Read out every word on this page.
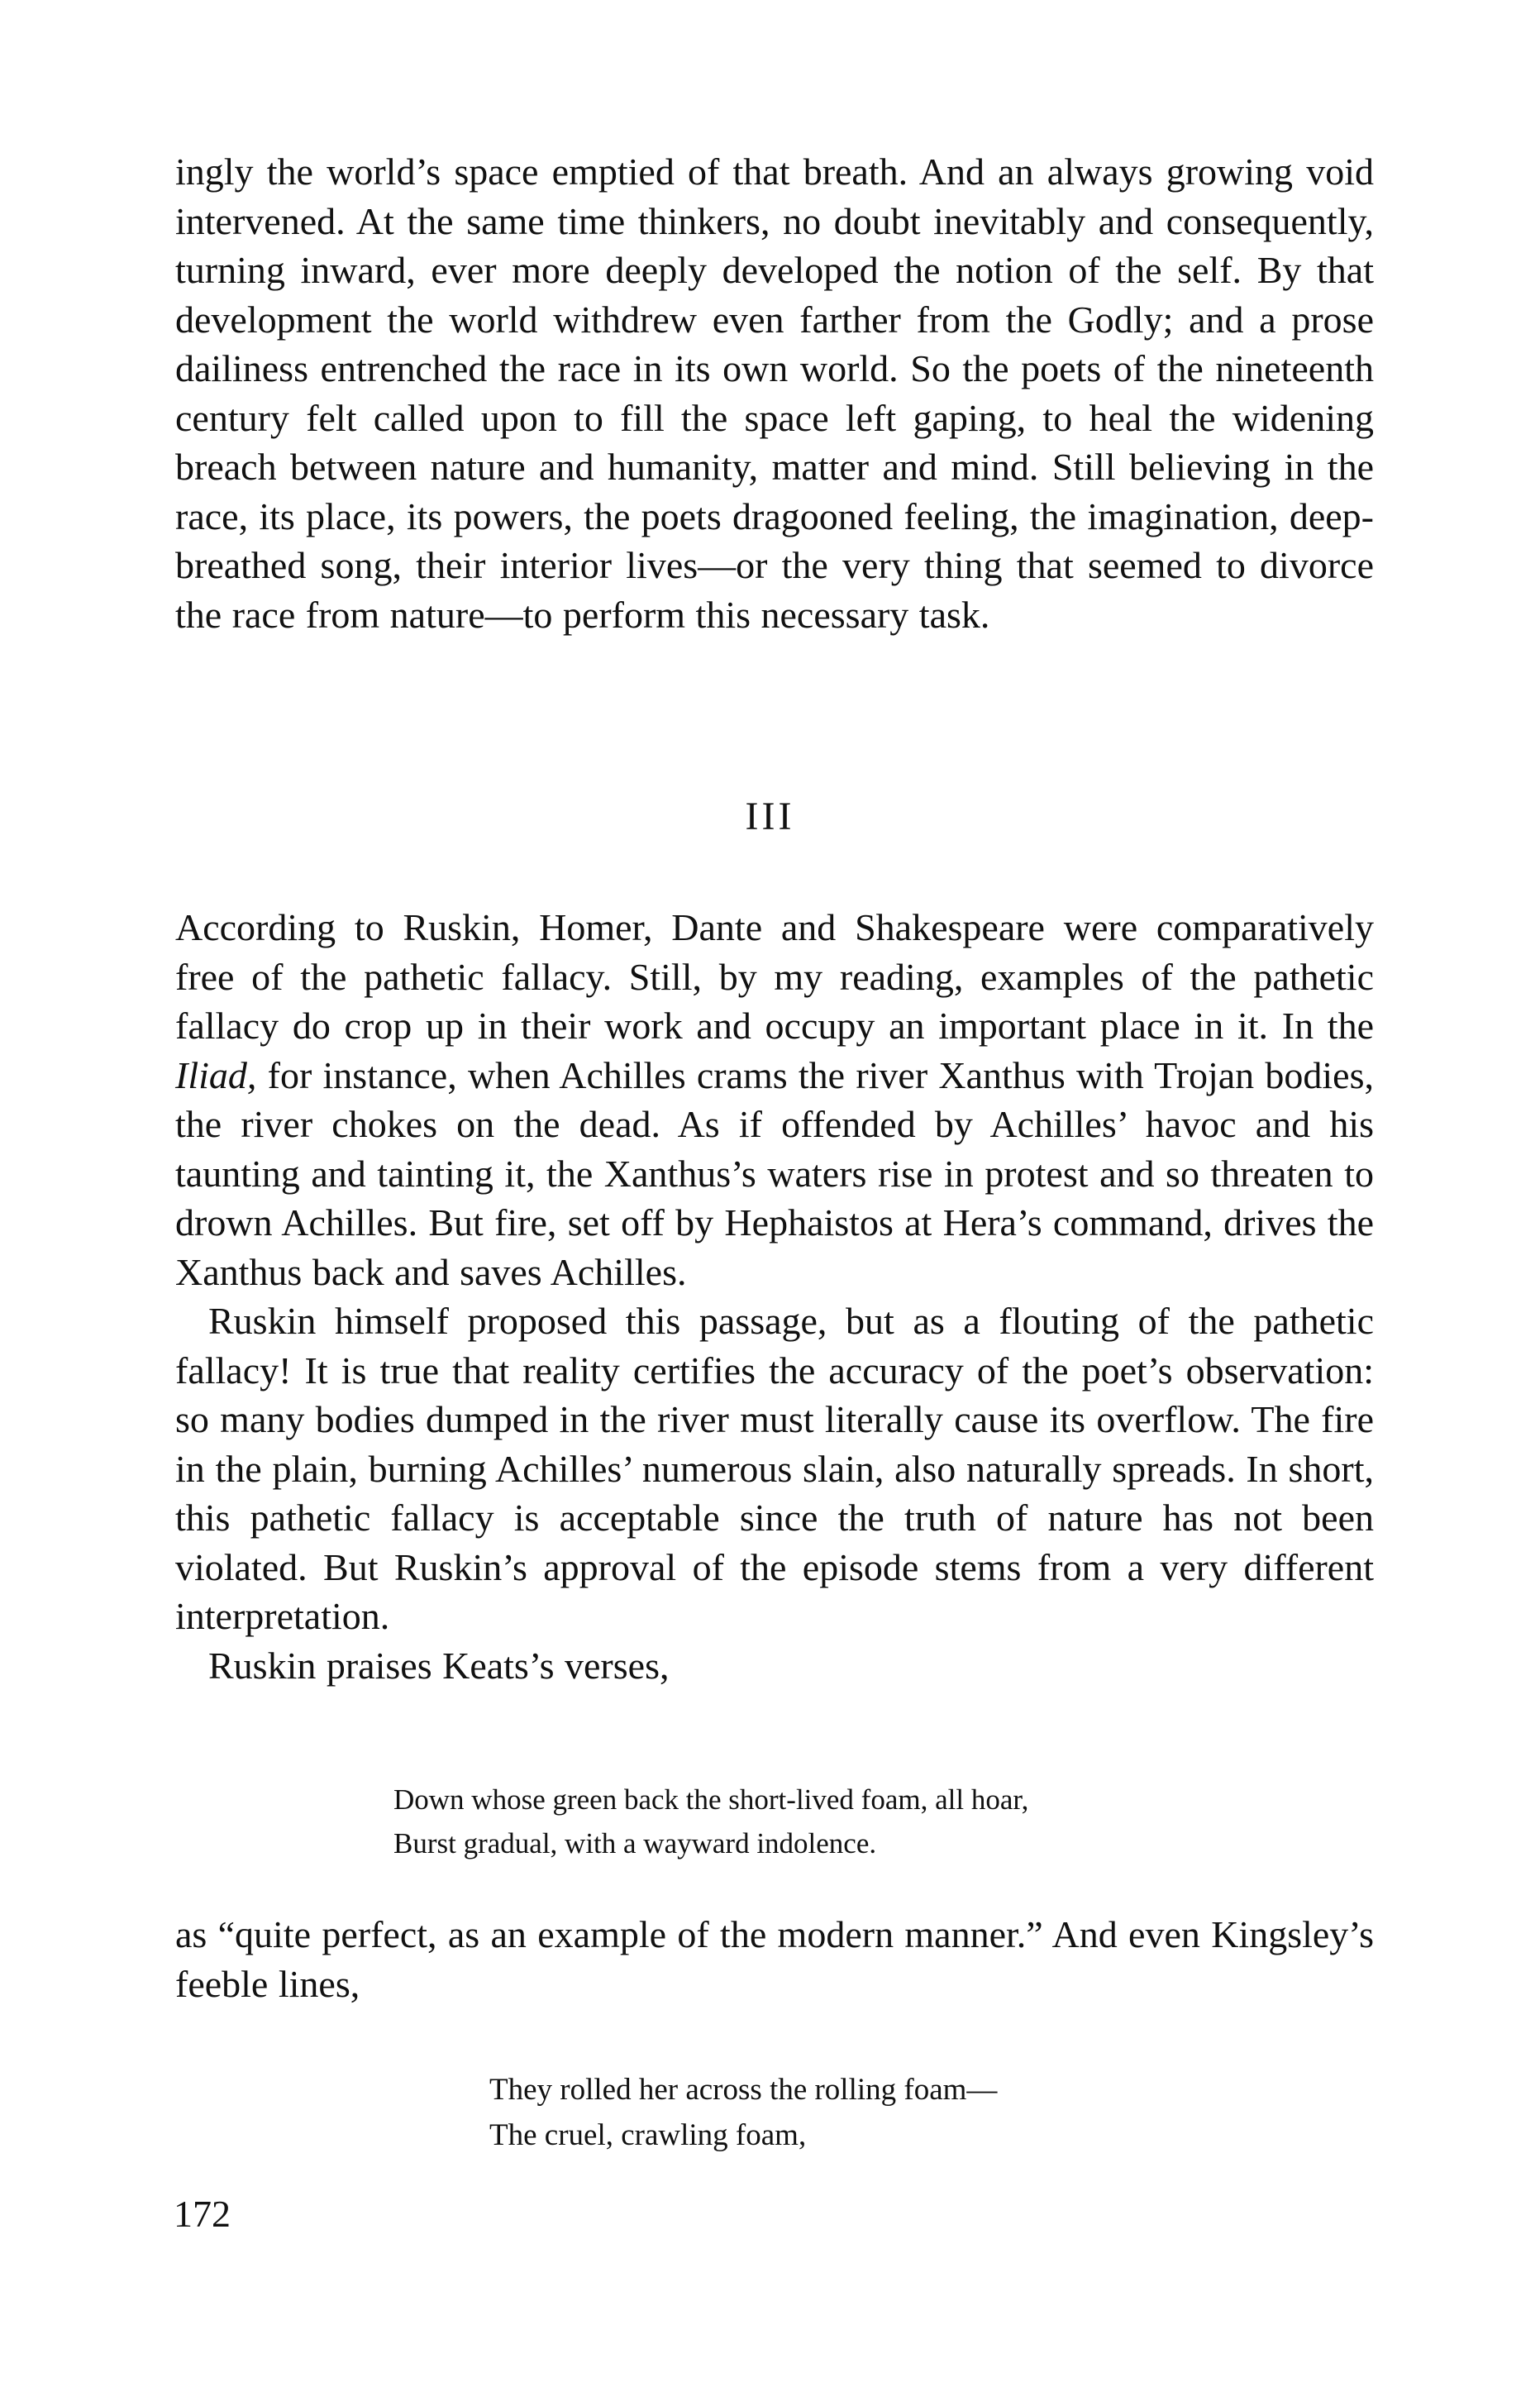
ingly the world’s space emptied of that breath. And an always growing void intervened. At the same time thinkers, no doubt inevitably and consequently, turning inward, ever more deeply developed the notion of the self. By that development the world withdrew even farther from the Godly; and a prose dailiness entrenched the race in its own world. So the poets of the nineteenth century felt called upon to fill the space left gaping, to heal the widening breach between nature and humanity, matter and mind. Still believing in the race, its place, its powers, the poets dragooned feeling, the imagination, deep-breathed song, their interior lives—or the very thing that seemed to divorce the race from nature—to perform this necessary task.

III

According to Ruskin, Homer, Dante and Shakespeare were comparatively free of the pathetic fallacy. Still, by my reading, examples of the pathetic fallacy do crop up in their work and occupy an important place in it. In the Iliad, for instance, when Achilles crams the river Xanthus with Trojan bodies, the river chokes on the dead. As if offended by Achilles’ havoc and his taunting and tainting it, the Xanthus’s waters rise in protest and so threaten to drown Achilles. But fire, set off by Hephaistos at Hera’s command, drives the Xanthus back and saves Achilles.

Ruskin himself proposed this passage, but as a flouting of the pathetic fallacy! It is true that reality certifies the accuracy of the poet’s observation: so many bodies dumped in the river must literally cause its overflow. The fire in the plain, burning Achilles’ numerous slain, also naturally spreads. In short, this pathetic fallacy is acceptable since the truth of nature has not been violated. But Ruskin’s approval of the episode stems from a very different interpretation.

Ruskin praises Keats’s verses,

Down whose green back the short-lived foam, all hoar,
Burst gradual, with a wayward indolence.

as “quite perfect, as an example of the modern manner.” And even Kingsley’s feeble lines,

They rolled her across the rolling foam—
The cruel, crawling foam,
172
